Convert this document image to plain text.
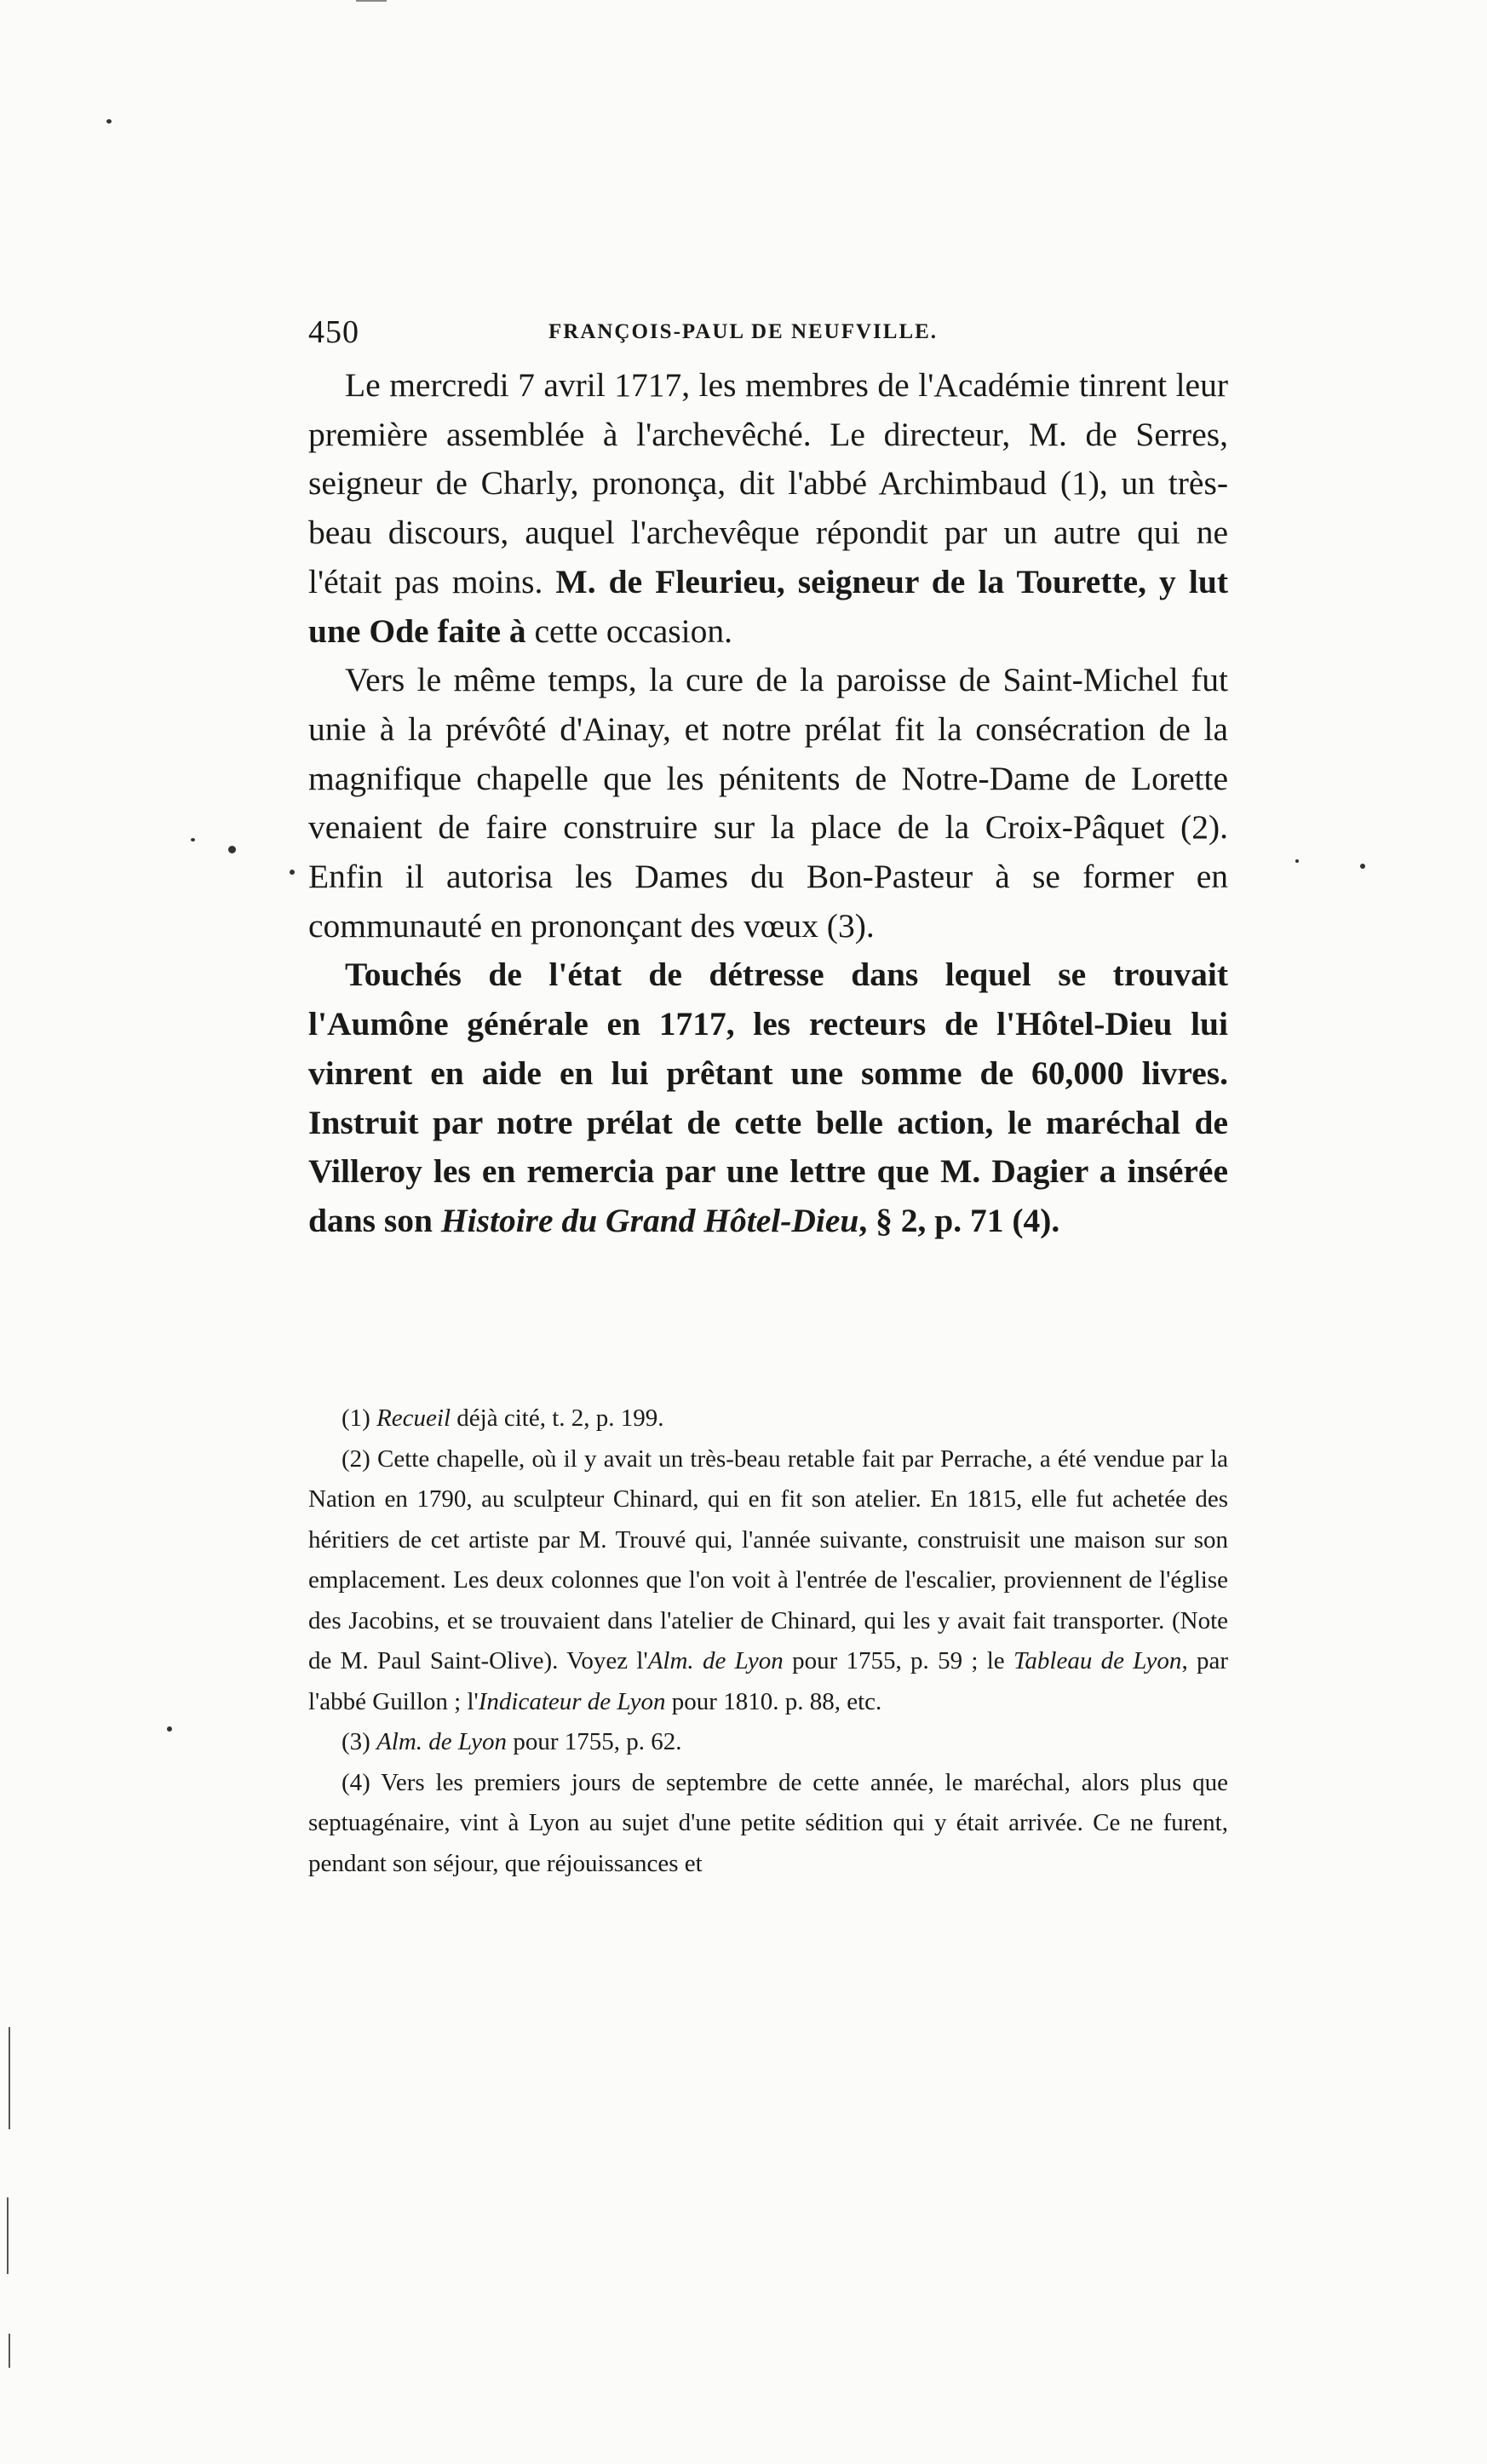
450	FRANÇOIS-PAUL DE NEUFVILLE.

Le mercredi 7 avril 1717, les membres de l'Académie tinrent leur première assemblée à l'archevêché. Le directeur, M. de Serres, seigneur de Charly, prononça, dit l'abbé Archimbaud (1), un très-beau discours, auquel l'archevêque répondit par un autre qui ne l'était pas moins. M. de Fleurieu, seigneur de la Tourette, y lut une Ode faite à cette occasion.

Vers le même temps, la cure de la paroisse de Saint-Michel fut unie à la prévôté d'Ainay, et notre prélat fit la consécration de la magnifique chapelle que les pénitents de Notre-Dame de Lorette venaient de faire construire sur la place de la Croix-Pâquet (2). Enfin il autorisa les Dames du Bon-Pasteur à se former en communauté en prononçant des vœux (3).

Touchés de l'état de détresse dans lequel se trouvait l'Aumône générale en 1717, les recteurs de l'Hôtel-Dieu lui vinrent en aide en lui prêtant une somme de 60,000 livres. Instruit par notre prélat de cette belle action, le maréchal de Villeroy les en remercia par une lettre que M. Dagier a insérée dans son Histoire du Grand Hôtel-Dieu, § 2, p. 71 (4).

(1) Recueil déjà cité, t. 2, p. 199.

(2) Cette chapelle, où il y avait un très-beau retable fait par Perrache, a été vendue par la Nation en 1790, au sculpteur Chinard, qui en fit son atelier. En 1815, elle fut achetée des héritiers de cet artiste par M. Trouvé qui, l'année suivante, construisit une maison sur son emplacement. Les deux colonnes que l'on voit à l'entrée de l'escalier, proviennent de l'église des Jacobins, et se trouvaient dans l'atelier de Chinard, qui les y avait fait transporter. (Note de M. Paul Saint-Olive). Voyez l'Alm. de Lyon pour 1755, p. 59 ; le Tableau de Lyon, par l'abbé Guillon ; l'Indicateur de Lyon pour 1810. p. 88, etc.

(3) Alm. de Lyon pour 1755, p. 62.

(4) Vers les premiers jours de septembre de cette année, le maréchal, alors plus que septuagénaire, vint à Lyon au sujet d'une petite sédition qui y était arrivée. Ce ne furent, pendant son séjour, que réjouissances et
